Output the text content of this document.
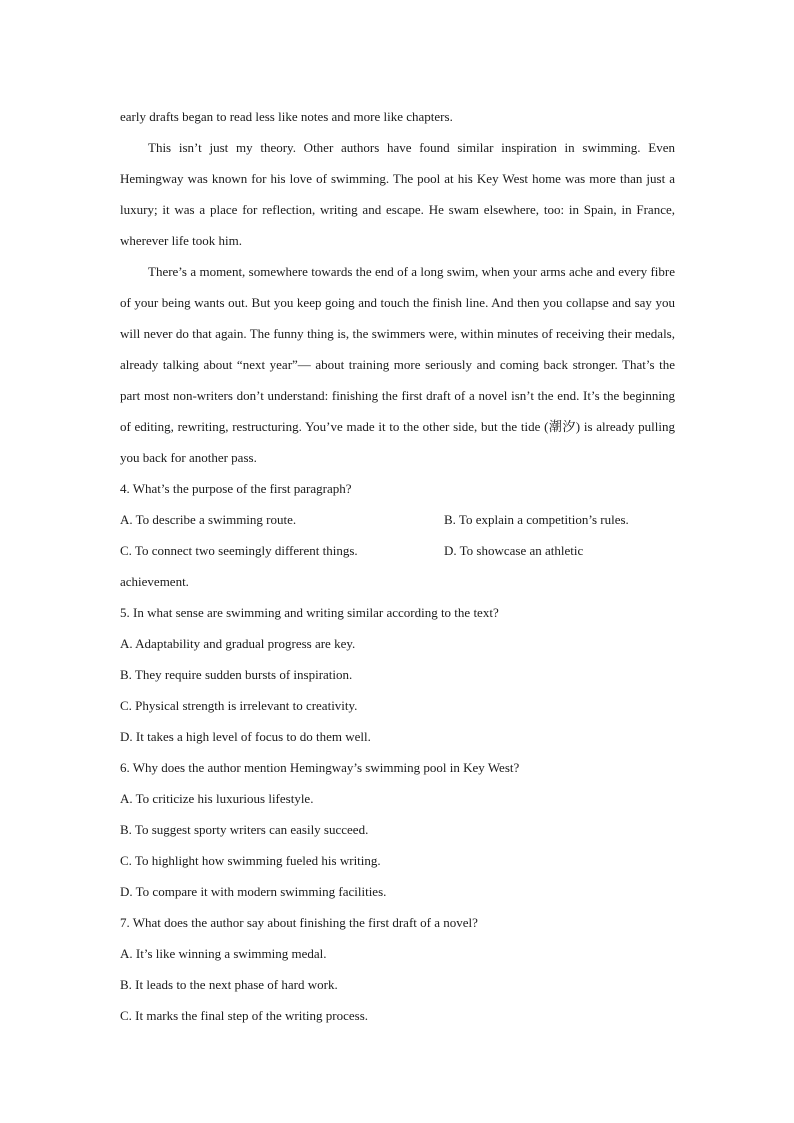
early drafts began to read less like notes and more like chapters.

This isn’t just my theory. Other authors have found similar inspiration in swimming. Even Hemingway was known for his love of swimming. The pool at his Key West home was more than just a luxury; it was a place for reflection, writing and escape. He swam elsewhere, too: in Spain, in France, wherever life took him.

There’s a moment, somewhere towards the end of a long swim, when your arms ache and every fibre of your being wants out. But you keep going and touch the finish line. And then you collapse and say you will never do that again. The funny thing is, the swimmers were, within minutes of receiving their medals, already talking about “next year”— about training more seriously and coming back stronger. That’s the part most non-writers don’t understand: finishing the first draft of a novel isn’t the end. It’s the beginning of editing, rewriting, restructuring. You’ve made it to the other side, but the tide (潮汐) is already pulling you back for another pass.

4. What’s the purpose of the first paragraph?
A. To describe a swimming route.	B. To explain a competition’s rules.
C. To connect two seemingly different things.	D. To showcase an athletic
achievement.
5. In what sense are swimming and writing similar according to the text?
A. Adaptability and gradual progress are key.
B. They require sudden bursts of inspiration.
C. Physical strength is irrelevant to creativity.
D. It takes a high level of focus to do them well.
6. Why does the author mention Hemingway’s swimming pool in Key West?
A. To criticize his luxurious lifestyle.
B. To suggest sporty writers can easily succeed.
C. To highlight how swimming fueled his writing.
D. To compare it with modern swimming facilities.
7. What does the author say about finishing the first draft of a novel?
A. It’s like winning a swimming medal.
B. It leads to the next phase of hard work.
C. It marks the final step of the writing process.
